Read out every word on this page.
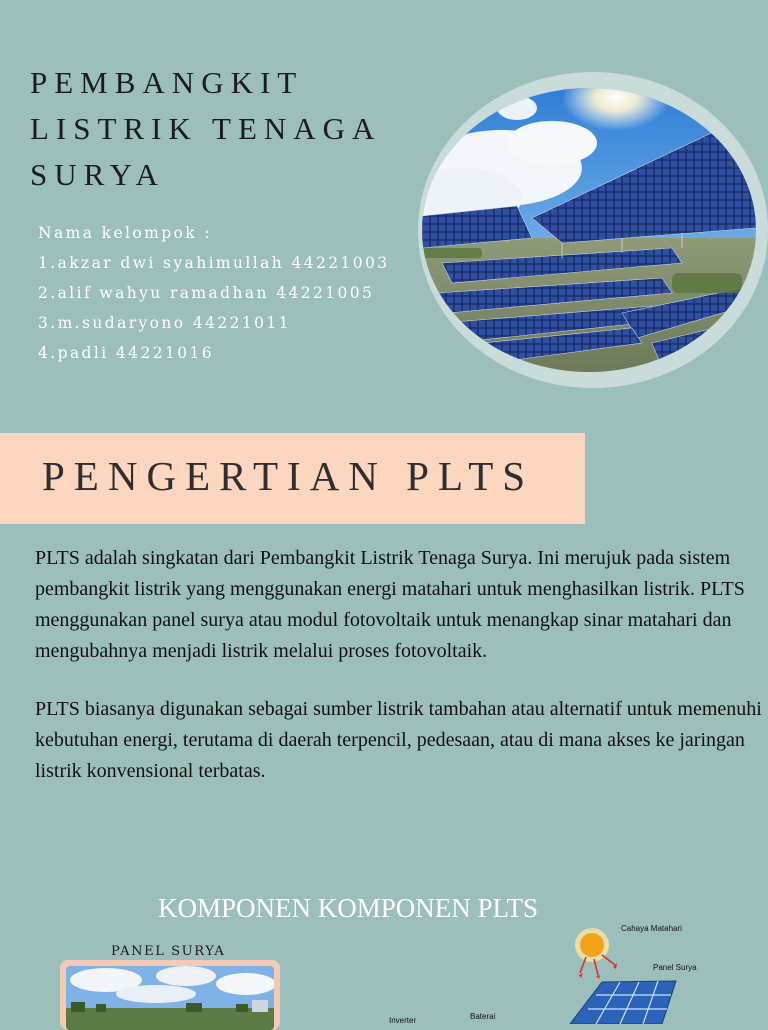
PEMBANGKIT
LISTRIK TENAGA
SURYA
Nama kelompok :
1.akzar dwi syahimullah 44221003
2.alif wahyu ramadhan 44221005
3.m.sudaryono 44221011
4.padli 44221016
PENGERTIAN PLTS

PLTS adalah singkatan dari Pembangkit Listrik Tenaga Surya. Ini merujuk pada sistem pembangkit listrik yang menggunakan energi matahari untuk menghasilkan listrik. PLTS menggunakan panel surya atau modul fotovoltaik untuk menangkap sinar matahari dan mengubahnya menjadi listrik melalui proses fotovoltaik.

PLTS biasanya digunakan sebagai sumber listrik tambahan atau alternatif untuk memenuhi kebutuhan energi, terutama di daerah terpencil, pedesaan, atau di mana akses ke jaringan listrik konvensional terbatas.

KOMPONEN KOMPONEN PLTS
PANEL SURYA
Cahaya Matahari
Panel Surya
Baterai
Inverter
